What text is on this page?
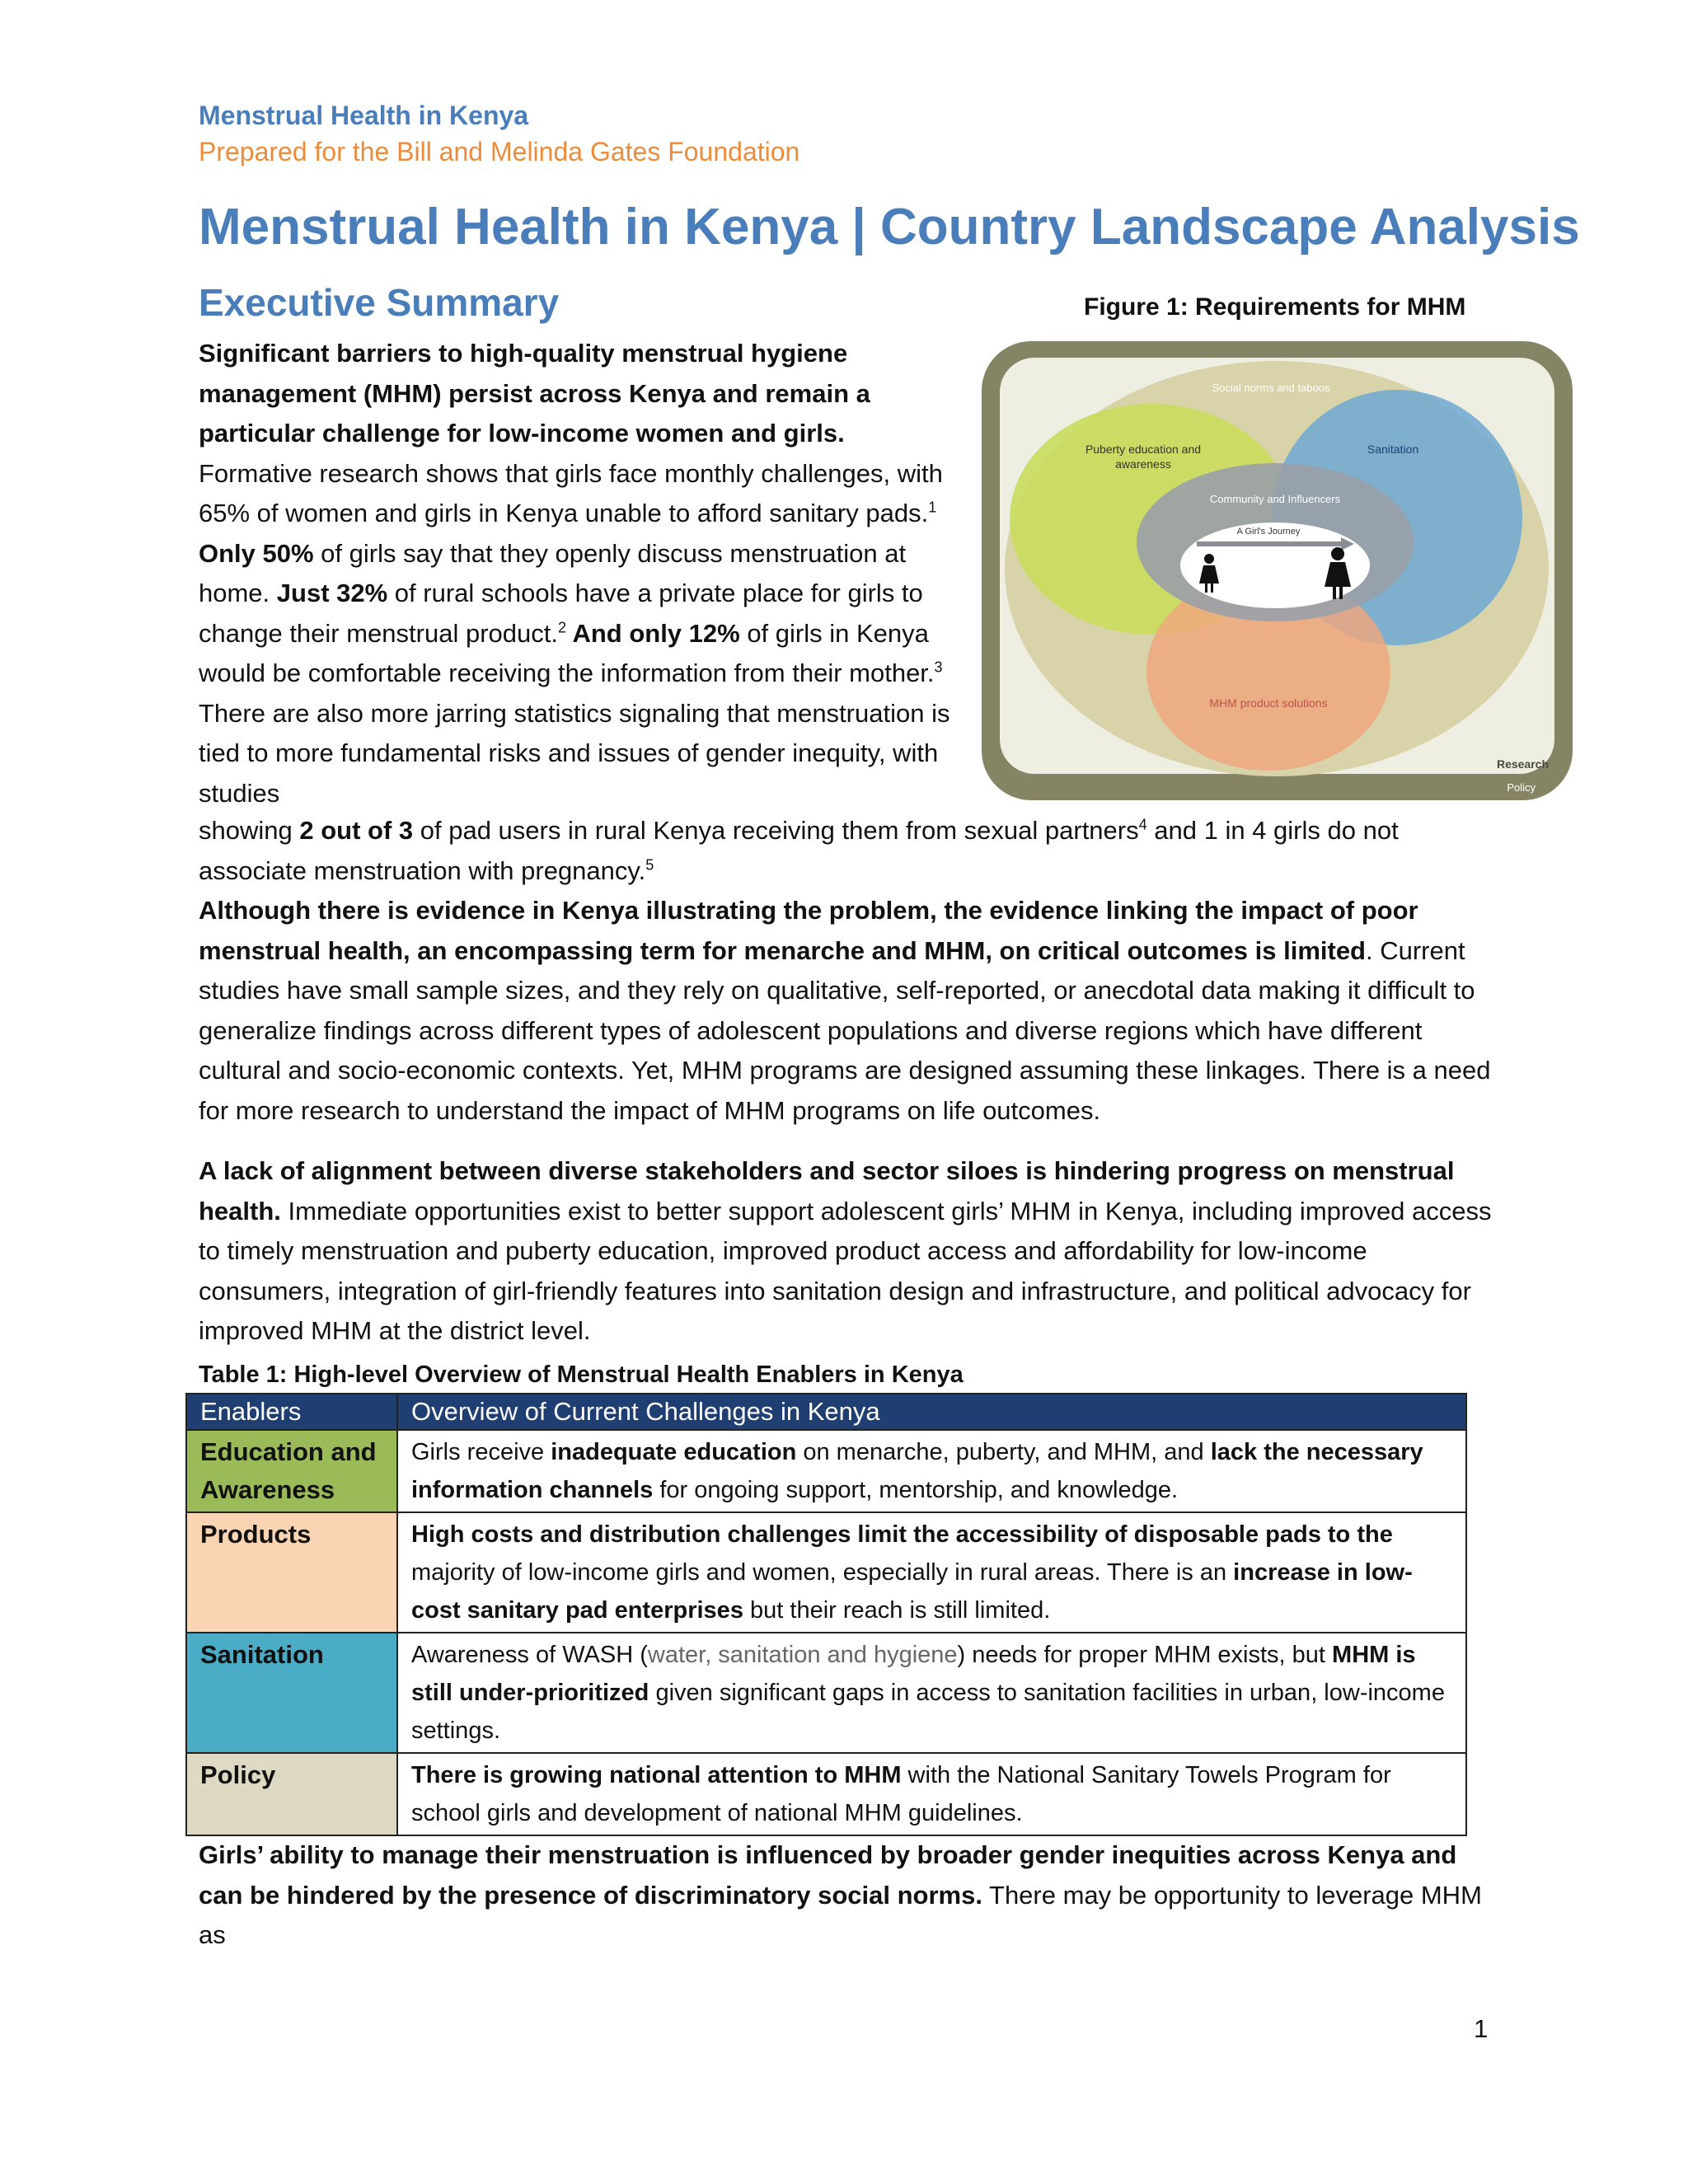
Menstrual Health in Kenya
Prepared for the Bill and Melinda Gates Foundation
Menstrual Health in Kenya | Country Landscape Analysis
Executive Summary	Figure 1: Requirements for MHM
Social norms and taboos
Puberty education and
awareness
Sanitation
Community and Influencers
A Girl's Journey
MHM product solutions
Research
Policy
Significant barriers to high-quality menstrual hygiene management (MHM) persist across Kenya and remain a particular challenge for low-income women and girls. Formative research shows that girls face monthly challenges, with 65% of women and girls in Kenya unable to afford sanitary pads.$^1$ Only 50% of girls say that they openly discuss menstruation at home. Just 32% of rural schools have a private place for girls to change their menstrual product.$^2$ And only 12% of girls in Kenya would be comfortable receiving the information from their mother.$^3$ There are also more jarring statistics signaling that menstruation is tied to more fundamental risks and issues of gender inequity, with studies
showing 2 out of 3 of pad users in rural Kenya receiving them from sexual partners$^4$ and 1 in 4 girls do not associate menstruation with pregnancy.$^5$
Although there is evidence in Kenya illustrating the problem, the evidence linking the impact of poor menstrual health, an encompassing term for menarche and MHM, on critical outcomes is limited. Current studies have small sample sizes, and they rely on qualitative, self-reported, or anecdotal data making it difficult to generalize findings across different types of adolescent populations and diverse regions which have different cultural and socio-economic contexts. Yet, MHM programs are designed assuming these linkages. There is a need for more research to understand the impact of MHM programs on life outcomes.
A lack of alignment between diverse stakeholders and sector siloes is hindering progress on menstrual health. Immediate opportunities exist to better support adolescent girls’ MHM in Kenya, including improved access to timely menstruation and puberty education, improved product access and affordability for low-income consumers, integration of girl-friendly features into sanitation design and infrastructure, and political advocacy for improved MHM at the district level.
Table 1: High-level Overview of Menstrual Health Enablers in Kenya
Enablers	Overview of Current Challenges in Kenya
Education and Awareness	Girls receive inadequate education on menarche, puberty, and MHM, and lack the necessary information channels for ongoing support, mentorship, and knowledge.
Products	High costs and distribution challenges limit the accessibility of disposable pads to the majority of low-income girls and women, especially in rural areas. There is an increase in low-cost sanitary pad enterprises but their reach is still limited.
Sanitation	Awareness of WASH (water, sanitation and hygiene) needs for proper MHM exists, but MHM is still under-prioritized given significant gaps in access to sanitation facilities in urban, low-income settings.
Policy	There is growing national attention to MHM with the National Sanitary Towels Program for school girls and development of national MHM guidelines.
Girls’ ability to manage their menstruation is influenced by broader gender inequities across Kenya and can be hindered by the presence of discriminatory social norms. There may be opportunity to leverage MHM as
1
